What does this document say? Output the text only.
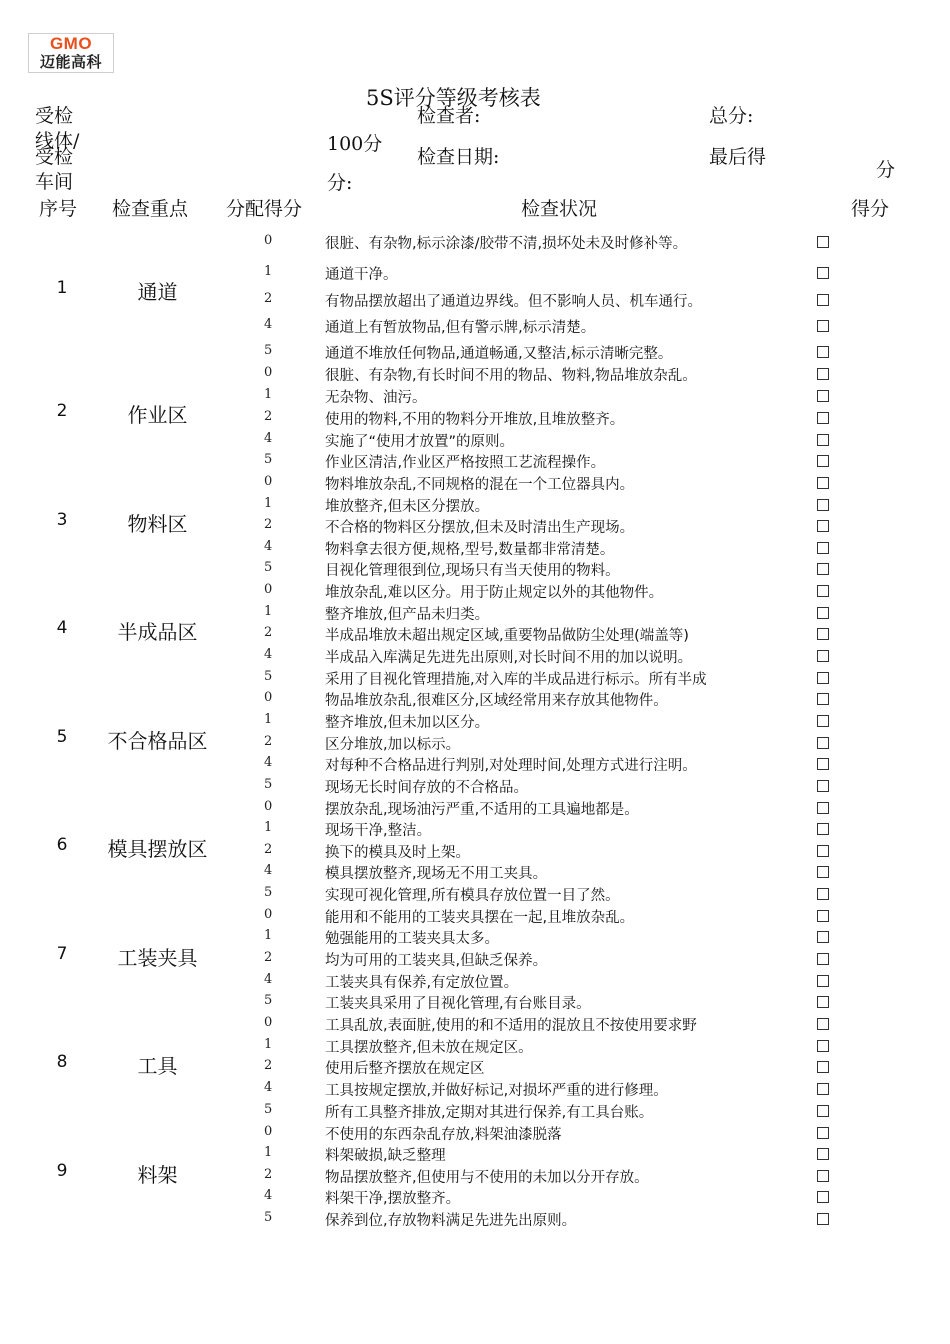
GMO
迈能高科
5S评分等级考核表
受检
线体/
受检
车间
检查者:	总分:
100分
分:
检查日期:	最后得
分
序号 检查重点 分配得分	检查状况	得分
1	通道
0	很脏、有杂物,标示涂漆/胶带不清,损坏处未及时修补等。
1	通道干净。
2	有物品摆放超出了通道边界线。但不影响人员、机车通行。
4	通道上有暂放物品,但有警示牌,标示清楚。
5	通道不堆放任何物品,通道畅通,又整洁,标示清晰完整。
2	作业区
0	很脏、有杂物,有长时间不用的物品、物料,物品堆放杂乱。
1	无杂物、油污。
2	使用的物料,不用的物料分开堆放,且堆放整齐。
4	实施了“使用才放置”的原则。
5	作业区清洁,作业区严格按照工艺流程操作。
3	物料区
0	物料堆放杂乱,不同规格的混在一个工位器具内。
1	堆放整齐,但未区分摆放。
2	不合格的物料区分摆放,但未及时清出生产现场。
4	物料拿去很方便,规格,型号,数量都非常清楚。
5	目视化管理很到位,现场只有当天使用的物料。
4	半成品区
0	堆放杂乱,难以区分。用于防止规定以外的其他物件。
1	整齐堆放,但产品未归类。
2	半成品堆放未超出规定区域,重要物品做防尘处理(端盖等)
4	半成品入库满足先进先出原则,对长时间不用的加以说明。
5	采用了目视化管理措施,对入库的半成品进行标示。所有半成
5	不合格品区
0	物品堆放杂乱,很难区分,区域经常用来存放其他物件。
1	整齐堆放,但未加以区分。
2	区分堆放,加以标示。
4	对每种不合格品进行判别,对处理时间,处理方式进行注明。
5	现场无长时间存放的不合格品。
6	模具摆放区
0	摆放杂乱,现场油污严重,不适用的工具遍地都是。
1	现场干净,整洁。
2	换下的模具及时上架。
4	模具摆放整齐,现场无不用工夹具。
5	实现可视化管理,所有模具存放位置一目了然。
7	工装夹具
0	能用和不能用的工装夹具摆在一起,且堆放杂乱。
1	勉强能用的工装夹具太多。
2	均为可用的工装夹具,但缺乏保养。
4	工装夹具有保养,有定放位置。
5	工装夹具采用了目视化管理,有台账目录。
8	工具
0	工具乱放,表面脏,使用的和不适用的混放且不按使用要求野
1	工具摆放整齐,但未放在规定区。
2	使用后整齐摆放在规定区
4	工具按规定摆放,并做好标记,对损坏严重的进行修理。
5	所有工具整齐排放,定期对其进行保养,有工具台账。
9	料架
0	不使用的东西杂乱存放,料架油漆脱落
1	料架破损,缺乏整理
2	物品摆放整齐,但使用与不使用的未加以分开存放。
4	料架干净,摆放整齐。
5	保养到位,存放物料满足先进先出原则。
